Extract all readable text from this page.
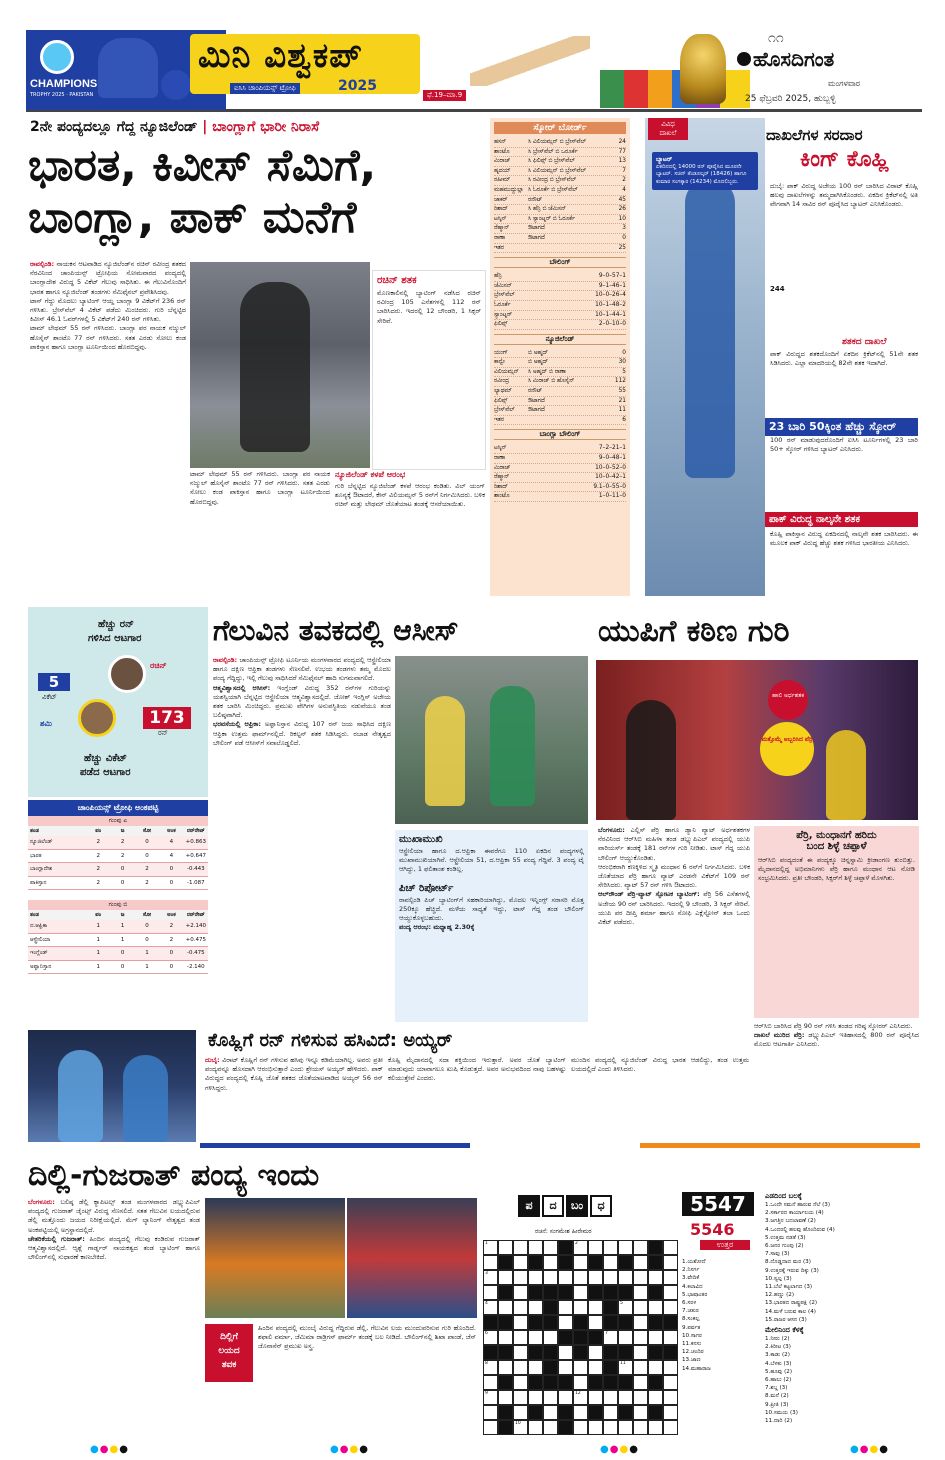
CHAMPIONS
TROPHY 2025 · PAKISTAN
ಮಿನಿ ವಿಶ್ವಕಪ್
ಐಸಿಸಿ ಚಾಂಪಿಯನ್ಸ್ ಟ್ರೋಫಿ	2025
ಫೆ.19–ಮಾ.9
೧೧
ಹೊಸದಿಗಂತ
ಮಂಗಳವಾರ
25 ಫೆಬ್ರವರಿ 2025, ಹುಬ್ಬಳ್ಳಿ
2ನೇ ಪಂದ್ಯದಲ್ಲೂ ಗೆದ್ದ ನ್ಯೂಜಿಲೆಂಡ್ | ಬಾಂಗ್ಲಾಗೆ ಭಾರೀ ನಿರಾಸೆ
ಭಾರತ, ಕಿವೀಸ್ ಸೆಮಿಗೆ,
ಬಾಂಗ್ಲಾ, ಪಾಕ್ ಮನೆಗೆ
ರಾವಲ್ಪಿಂಡಿ: ನಾಯಕನ ಆಟವಾಡಿದ ನ್ಯೂಜಿಲೆಂಡ್‌ನ ರಚಿನ್ ರವೀಂದ್ರ ಶತಕದ ನೆರವಿನಿಂದ ಚಾಂಪಿಯನ್ಸ್ ಟ್ರೋಫಿಯ ಸೋಮವಾರದ ಪಂದ್ಯದಲ್ಲಿ ಬಾಂಗ್ಲಾದೇಶ ವಿರುದ್ಧ 5 ವಿಕೆಟ್ ಗೆಲುವು ಸಾಧಿಸಿತು. ಈ ಗೆಲುವಿನೊಂದಿಗೆ ಭಾರತ ಹಾಗೂ ನ್ಯೂಜಿಲೆಂಡ್ ತಂಡಗಳು ಸೆಮಿಫೈನಲ್ ಪ್ರವೇಶಿಸಿದವು.
ಟಾಸ್ ಗೆದ್ದು ಮೊದಲು ಬ್ಯಾಟಿಂಗ್ ಆಯ್ದ ಬಾಂಗ್ಲಾ 9 ವಿಕೆಟ್‌ಗೆ 236 ರನ್ ಗಳಿಸಿತು. ಬ್ರೇಸ್‌ವೆಲ್ 4 ವಿಕೆಟ್ ಪಡೆದು ಮಿಂಚಿದರು. ಗುರಿ ಬೆನ್ನಟ್ಟಿದ ಕಿವೀಸ್ 46.1 ಓವರ್‌ಗಳಲ್ಲಿ 5 ವಿಕೆಟ್‌ಗೆ 240 ರನ್ ಗಳಿಸಿತು.
ಟಾಮ್ ಲೇಥಮ್ 55 ರನ್ ಗಳಿಸಿದರು. ಬಾಂಗ್ಲಾ ಪರ ನಾಯಕ ನಜ್ಮುಲ್ ಹೊಸೈನ್ ಶಾಂಟೊ 77 ರನ್ ಗಳಿಸಿದರು. ಸತತ ಎರಡು ಸೋಲು ಕಂಡ ಪಾಕಿಸ್ತಾನ ಹಾಗೂ ಬಾಂಗ್ಲಾ ಟೂರ್ನಿಯಿಂದ ಹೊರಬಿದ್ದವು.
ರಚಿನ್ ಶತಕ
ಮೊಣಕಾಲಿನಲ್ಲಿ ಬ್ಯಾಟಿಂಗ್ ನಡೆಸಿದ ರಚಿನ್ ರವೀಂದ್ರ 105 ಎಸೆತಗಳಲ್ಲಿ 112 ರನ್ ಬಾರಿಸಿದರು. ಇದರಲ್ಲಿ 12 ಬೌಂಡರಿ, 1 ಸಿಕ್ಸರ್ ಸೇರಿವೆ.
ಟಾಮ್ ಲೇಥಮ್ 55 ರನ್ ಗಳಿಸಿದರು. ಬಾಂಗ್ಲಾ ಪರ ನಾಯಕ ನಜ್ಮುಲ್ ಹೊಸೈನ್ ಶಾಂಟೊ 77 ರನ್ ಗಳಿಸಿದರು. ಸತತ ಎರಡು ಸೋಲು ಕಂಡ ಪಾಕಿಸ್ತಾನ ಹಾಗೂ ಬಾಂಗ್ಲಾ ಟೂರ್ನಿಯಿಂದ ಹೊರಬಿದ್ದವು.
ನ್ಯೂಜಿಲೆಂಡ್ ಕಳಪೆ ಆರಂಭ
ಗುರಿ ಬೆನ್ನಟ್ಟಿದ ನ್ಯೂಜಿಲೆಂಡ್ ಕಳಪೆ ಆರಂಭ ಕಂಡಿತು. ವಿಲ್ ಯಂಗ್ ಶೂನ್ಯಕ್ಕೆ ಔಟಾದರೆ, ಕೇನ್ ವಿಲಿಯಮ್ಸನ್ 5 ರನ್‌ಗೆ ನಿರ್ಗಮಿಸಿದರು. ಬಳಿಕ ರಚಿನ್ ಮತ್ತು ಲೇಥಮ್ ಜೊತೆಯಾಟ ತಂಡಕ್ಕೆ ಆಸರೆಯಾಯಿತು.
ಸ್ಕೋರ್ ಬೋರ್ಡ್
ಹಸನ್	ಸಿ ವಿಲಿಯಮ್ಸನ್ ಬಿ ಬ್ರೇಸ್‌ವೆಲ್	24
ಶಾಂಟೊ	ಸಿ ಬ್ರೇಸ್‌ವೆಲ್ ಬಿ ಒರೂರ್ಕೆ	77
ಮಿರಾಜ್	ಸಿ ಫಿಲಿಪ್ಸ್ ಬಿ ಬ್ರೇಸ್‌ವೆಲ್	13
ಹೃದಯ್	ಸಿ ವಿಲಿಯಮ್ಸನ್ ಬಿ ಬ್ರೇಸ್‌ವೆಲ್	7
ರಹೀಮ್	ಸಿ ರವೀಂದ್ರ ಬಿ ಬ್ರೇಸ್‌ವೆಲ್	2
ಮಹಮುದ್ದುಲ್ಲಾ ಸಿ ಓರೂರ್ಕೆ ಬಿ ಬ್ರೇಸ್‌ವೆಲ್	4
ಜಾಕರ್	ರನೌಟ್	45
ರಿಶಾದ್	ಸಿ ಹೆನ್ರಿ ಬಿ ಜೆಮಿಸನ್	26
ಟಸ್ಕಿನ್	ಸಿ ಸ್ಯಾಂಟ್ನರ್ ಬಿ ಓರೂರ್ಕೆ	10
ರೆಹ್ಮಾನ್	ಔಟಾಗದೆ	3
ರಾಣಾ	ಔಟಾಗದೆ	0
ಇತರ	25
ಬೌಲಿಂಗ್
ಹೆನ್ರಿ	9–0–57–1
ಜೆಮಿಸನ್	9–1–46–1
ಬ್ರೇಸ್‌ವೆಲ್	10–0–26–4
ಓರೂರ್ಕೆ	10–1–48–2
ಸ್ಯಾಂಟ್ನರ್	10–1–44–1
ಫಿಲಿಪ್ಸ್	2–0–10–0
ನ್ಯೂಜಿಲೆಂಡ್
ಯಂಗ್	ಬಿ ಅಹ್ಮದ್	0
ಕಾನ್ವೇ	ಬಿ ಅಹ್ಮದ್	30
ವಿಲಿಯಮ್ಸನ್	ಸಿ ಅಹ್ಮದ್ ಬಿ ರಾಣಾ	5
ರವೀಂದ್ರ	ಸಿ ಮಿರಾಜ್ ಬಿ ಹೊಸೈನ್	112
ಲ್ಯಾಥಮ್	ರನೌಟ್	55
ಫಿಲಿಪ್ಸ್	ಔಟಾಗದೆ	21
ಬ್ರೇಸ್‌ವೆಲ್	ಔಟಾಗದೆ	11
ಇತರ	6
ಬಾಂಗ್ಲಾ ಬೌಲಿಂಗ್
ಟಸ್ಕಿನ್	7–2–21–1
ರಾಣಾ	9–0–48–1
ಮಿರಾಜ್	10–0–52–0
ರೆಹ್ಮಾನ್	10–0–42–1
ರಿಶಾದ್	9.1–0–55–0
ಶಾಂಟೊ	1–0–11–0
ವಿವಿಧ
ದಾಖಲೆ
ಬ್ಯಾಟರ್
ಏಕದಿನದಲ್ಲಿ 14000 ರನ್ ಪೂರೈಸಿದ ಮೂರನೇ ಬ್ಯಾಟರ್. ಸಚಿನ್ ತೆಂಡೂಲ್ಕರ್ (18426) ಹಾಗೂ ಕುಮಾರ ಸಂಗಕ್ಕಾರ (14234) ಮೊದಲಿಬ್ಬರು.
ದಾಖಲೆಗಳ ಸರದಾರ
ಕಿಂಗ್ ಕೊಹ್ಲಿ
ದುಬೈ: ಪಾಕ್ ವಿರುದ್ಧ ಅಜೇಯ 100 ರನ್ ಬಾರಿಸಿದ ವಿರಾಟ್ ಕೊಹ್ಲಿ ಹಲವು ದಾಖಲೆಗಳನ್ನು ತಮ್ಮದಾಗಿಸಿಕೊಂಡರು. ಏಕದಿನ ಕ್ರಿಕೆಟ್‌ನಲ್ಲಿ ಅತಿ ವೇಗವಾಗಿ 14 ಸಾವಿರ ರನ್ ಪೂರೈಸಿದ ಬ್ಯಾಟರ್ ಎನಿಸಿಕೊಂಡರು.
244
ಶತಕದ ದಾಖಲೆ
ಪಾಕ್ ವಿರುದ್ಧದ ಶತಕದೊಂದಿಗೆ ಏಕದಿನ ಕ್ರಿಕೆಟ್‌ನಲ್ಲಿ 51ನೇ ಶತಕ ಸಿಡಿಸಿದರು. ಎಲ್ಲಾ ಮಾದರಿಯಲ್ಲಿ 82ನೇ ಶತಕ ಇದಾಗಿದೆ.
23 ಬಾರಿ 50ಕ್ಕಿಂತ ಹೆಚ್ಚು ಸ್ಕೋರ್
100 ರನ್ ಮಾಡುವುದರೊಂದಿಗೆ ಐಸಿಸಿ ಟೂರ್ನಿಗಳಲ್ಲಿ 23 ಬಾರಿ 50+ ಸ್ಕೋರ್ ಗಳಿಸಿದ ಬ್ಯಾಟರ್ ಎನಿಸಿದರು.
ಪಾಕ್ ವಿರುದ್ಧ ನಾಲ್ಕನೇ ಶತಕ
ಕೊಹ್ಲಿ ಪಾಕಿಸ್ತಾನ ವಿರುದ್ಧ ಏಕದಿನದಲ್ಲಿ ನಾಲ್ಕನೇ ಶತಕ ಬಾರಿಸಿದರು. ಈ ಮೂಲಕ ಪಾಕ್ ವಿರುದ್ಧ ಹೆಚ್ಚು ಶತಕ ಗಳಿಸಿದ ಭಾರತೀಯ ಎನಿಸಿದರು.
ಹೆಚ್ಚು ರನ್
ಗಳಿಸಿದ ಆಟಗಾರ
ರಚಿನ್
173
ರನ್
5
ವಿಕೆಟ್
ಶಮಿ
ಹೆಚ್ಚು ವಿಕೆಟ್
ಪಡೆದ ಆಟಗಾರ
ಚಾಂಪಿಯನ್ಸ್ ಟ್ರೋಫಿ ಅಂಕಪಟ್ಟಿ
ಗುಂಪು ಎ
ತಂಡ	ಪಂ	ಜ	ಸೋ	ಅಂಕ	ರನ್‌ರೇಟ್
ನ್ಯೂಜಿಲೆಂಡ್	2	2	0	4	+0.863
ಭಾರತ	2	2	0	4	+0.647
ಬಾಂಗ್ಲಾದೇಶ	2	0	2	0	-0.443
ಪಾಕಿಸ್ತಾನ	2	0	2	0	-1.087
ಗುಂಪು ಬಿ
ತಂಡ	ಪಂ	ಜ	ಸೋ	ಅಂಕ	ರನ್‌ರೇಟ್
ದ.ಆಫ್ರಿಕಾ	1	1	0	2	+2.140
ಆಸ್ಟ್ರೇಲಿಯಾ	1	1	0	2	+0.475
ಇಂಗ್ಲೆಂಡ್	1	0	1	0	-0.475
ಅಫ್ಘಾನಿಸ್ತಾನ	1	0	1	0	-2.140
ಗೆಲುವಿನ ತವಕದಲ್ಲಿ ಆಸೀಸ್
ರಾವಲ್ಪಿಂಡಿ: ಚಾಂಪಿಯನ್ಸ್ ಟ್ರೋಫಿ ಟೂರ್ನಿಯ ಮಂಗಳವಾರದ ಪಂದ್ಯದಲ್ಲಿ ಆಸ್ಟ್ರೇಲಿಯಾ ಹಾಗೂ ದಕ್ಷಿಣ ಆಫ್ರಿಕಾ ತಂಡಗಳು ಸೆಣಸಲಿವೆ. ಉಭಯ ತಂಡಗಳು ತಮ್ಮ ಮೊದಲ ಪಂದ್ಯ ಗೆದ್ದಿದ್ದು, ಇಲ್ಲಿ ಗೆಲುವು ಸಾಧಿಸಿದರೆ ಸೆಮಿಫೈನಲ್ ಹಾದಿ ಸುಗಮವಾಗಲಿದೆ.
ಆತ್ಮವಿಶ್ವಾಸದಲ್ಲಿ ಆಸೀಸ್: ಇಂಗ್ಲೆಂಡ್ ವಿರುದ್ಧ 352 ರನ್‌ಗಳ ಗುರಿಯನ್ನು ಯಶಸ್ವಿಯಾಗಿ ಬೆನ್ನಟ್ಟಿದ ಆಸ್ಟ್ರೇಲಿಯಾ ಆತ್ಮವಿಶ್ವಾಸದಲ್ಲಿದೆ. ಜೋಶ್ ಇಂಗ್ಲಿಸ್ ಅಜೇಯ ಶತಕ ಬಾರಿಸಿ ಮಿಂಚಿದ್ದರು. ಪ್ರಮುಖ ವೇಗಿಗಳ ಅನುಪಸ್ಥಿತಿಯ ನಡುವೆಯೂ ತಂಡ ಬಲಿಷ್ಠವಾಗಿದೆ.
ಭರವಸೆಯಲ್ಲಿ ಆಫ್ರಿಕಾ: ಅಫ್ಘಾನಿಸ್ತಾನ ವಿರುದ್ಧ 107 ರನ್ ಜಯ ಸಾಧಿಸಿದ ದಕ್ಷಿಣ ಆಫ್ರಿಕಾ ಉತ್ತಮ ಫಾರ್ಮ್‌ನಲ್ಲಿದೆ. ರಿಕಲ್ಟನ್ ಶತಕ ಸಿಡಿಸಿದ್ದರು. ರಬಾಡ ನೇತೃತ್ವದ ಬೌಲಿಂಗ್ ಪಡೆ ಆಸೀಸ್‌ಗೆ ಸವಾಲೊಡ್ಡಲಿದೆ.
ಮುಖಾಮುಖಿ
ಆಸ್ಟ್ರೇಲಿಯಾ ಹಾಗೂ ದ.ಆಫ್ರಿಕಾ ಈವರೆಗೂ 110 ಏಕದಿನ ಪಂದ್ಯಗಳಲ್ಲಿ ಮುಖಾಮುಖಿಯಾಗಿವೆ. ಆಸ್ಟ್ರೇಲಿಯಾ 51, ದ.ಆಫ್ರಿಕಾ 55 ಪಂದ್ಯ ಗೆದ್ದಿವೆ. 3 ಪಂದ್ಯ ಟೈ ಆಗಿದ್ದು, 1 ಫಲಿತಾಂಶ ಕಂಡಿಲ್ಲ.
ಪಿಚ್ ರಿಪೋರ್ಟ್
ರಾವಲ್ಪಿಂಡಿ ಪಿಚ್ ಬ್ಯಾಟಿಂಗ್‌ಗೆ ಸಹಕಾರಿಯಾಗಿದ್ದು, ಮೊದಲ ಇನ್ನಿಂಗ್ಸ್ ಸರಾಸರಿ ಮೊತ್ತ 250ಕ್ಕೂ ಹೆಚ್ಚಿದೆ. ಮಳೆಯ ಸಾಧ್ಯತೆ ಇದ್ದು, ಟಾಸ್ ಗೆದ್ದ ತಂಡ ಬೌಲಿಂಗ್ ಆಯ್ದುಕೊಳ್ಳಬಹುದು.
ಪಂದ್ಯ ಆರಂಭ: ಮಧ್ಯಾಹ್ನ 2.30ಕ್ಕೆ
ಯುಪಿಗೆ ಕಠಿಣ ಗುರಿ
ಹಾಲಿ ಅರ್ಧಶತಕ
ಮತ್ತೊಮ್ಮೆ ಅಬ್ಬರಿಸಿದ ಪೆರ್ರಿ
ಬೆಂಗಳೂರು: ಎಲ್ಲಿಸ್ ಪೆರ್ರಿ ಹಾಗೂ ಡ್ಯಾನಿ ವ್ಯಾಟ್ ಅರ್ಧಶತಕಗಳ ನೆರವಿನಿಂದ ಆರ್‌ಸಿಬಿ ಮಹಿಳಾ ತಂಡ ಡಬ್ಲ್ಯುಪಿಎಲ್ ಪಂದ್ಯದಲ್ಲಿ ಯುಪಿ ವಾರಿಯರ್ಸ್ ತಂಡಕ್ಕೆ 181 ರನ್‌ಗಳ ಗುರಿ ನೀಡಿತು. ಟಾಸ್ ಗೆದ್ದ ಯುಪಿ ಬೌಲಿಂಗ್ ಆಯ್ದುಕೊಂಡಿತು.
ಆರಂಭಿಕರಾಗಿ ಕಣಕ್ಕಿಳಿದ ಸ್ಮೃತಿ ಮಂಧಾನ 6 ರನ್‌ಗೆ ನಿರ್ಗಮಿಸಿದರು. ಬಳಿಕ ಜೊತೆಯಾದ ಪೆರ್ರಿ ಹಾಗೂ ವ್ಯಾಟ್ ಎರಡನೇ ವಿಕೆಟ್‌ಗೆ 109 ರನ್ ಸೇರಿಸಿದರು. ವ್ಯಾಟ್ 57 ರನ್ ಗಳಿಸಿ ಔಟಾದರು.
ಆಲ್‌ರೌಂಡ್ ಪೆರ್ರಿ-ವ್ಯಾಟ್ ಸ್ಫೋಟಕ ಬ್ಯಾಟಿಂಗ್: ಪೆರ್ರಿ 56 ಎಸೆತಗಳಲ್ಲಿ ಅಜೇಯ 90 ರನ್ ಬಾರಿಸಿದರು. ಇದರಲ್ಲಿ 9 ಬೌಂಡರಿ, 3 ಸಿಕ್ಸರ್ ಸೇರಿವೆ. ಯುಪಿ ಪರ ದೀಪ್ತಿ ಶರ್ಮಾ ಹಾಗೂ ಸೋಫಿ ಎಕ್ಲೆಸ್ಟೋನ್ ತಲಾ ಒಂದು ವಿಕೆಟ್ ಪಡೆದರು.
ಪೆರ್ರಿ, ಮಂಧಾನಗೆ ಹರಿದು
ಬಂದ ಶಿಳ್ಳೆ ಚಪ್ಪಾಳೆ
ಆರ್‌ಸಿಬಿ ಪಂದ್ಯದಂತೆ ಈ ಪಂದ್ಯಕ್ಕೂ ಚಿನ್ನಸ್ವಾಮಿ ಕ್ರೀಡಾಂಗಣ ತುಂಬಿತ್ತು. ಮೈದಾನದಲ್ಲಿದ್ದ ಅಭಿಮಾನಿಗಳು ಪೆರ್ರಿ ಹಾಗೂ ಮಂಧಾನ ಆಟ ನೋಡಿ ಸಂಭ್ರಮಿಸಿದರು. ಪ್ರತೀ ಬೌಂಡರಿ, ಸಿಕ್ಸರ್‌ಗೆ ಶಿಳ್ಳೆ ಚಪ್ಪಾಳೆ ಮೊಳಗಿತು.
ಆರ್‌ಸಿಬಿ ಬಾರಿಸಿದ ಪೆರ್ರಿ 90 ರನ್ ಗಳಿಸಿ ತಂಡದ ಗರಿಷ್ಠ ಸ್ಕೋರರ್ ಎನಿಸಿದರು.
ದಾಖಲೆ ಮುರಿದ ಪೆರ್ರಿ: ಡಬ್ಲ್ಯುಪಿಎಲ್ ಇತಿಹಾಸದಲ್ಲಿ 800 ರನ್ ಪೂರೈಸಿದ ಮೊದಲ ಆಟಗಾರ್ತಿ ಎನಿಸಿದರು.
ಕೊಹ್ಲಿಗೆ ರನ್ ಗಳಿಸುವ ಹಸಿವಿದೆ: ಅಯ್ಯರ್
ದುಬೈ: ವಿರಾಟ್ ಕೊಹ್ಲಿಗೆ ರನ್ ಗಳಿಸುವ ಹಸಿವು ಇನ್ನೂ ಕಡಿಮೆಯಾಗಿಲ್ಲ. ಅವರು ಪ್ರತೀ ಪಂದ್ಯವನ್ನೂ ಹೊಸದಾಗಿ ಆರಂಭಿಸುತ್ತಾರೆ ಎಂದು ಶ್ರೇಯಸ್ ಅಯ್ಯರ್ ಹೇಳಿದರು. ಪಾಕ್ ವಿರುದ್ಧದ ಪಂದ್ಯದಲ್ಲಿ ಕೊಹ್ಲಿ ಜೊತೆ ಶತಕದ ಜೊತೆಯಾಟವಾಡಿದ ಅಯ್ಯರ್ 56 ರನ್ ಗಳಿಸಿದ್ದರು.
ಕೊಹ್ಲಿ ಮೈದಾನದಲ್ಲಿ ಸದಾ ಶಕ್ತಿಯಿಂದ ಇರುತ್ತಾರೆ. ಅವರ ಜೊತೆ ಬ್ಯಾಟಿಂಗ್ ಮಾಡುವುದು ಯಾವಾಗಲೂ ಖುಷಿ ಕೊಡುತ್ತದೆ. ಅವರ ಅನುಭವದಿಂದ ನಾವು ಬಹಳಷ್ಟು ಕಲಿಯುತ್ತೇವೆ ಎಂದರು.
ಮುಂದಿನ ಪಂದ್ಯದಲ್ಲಿ ನ್ಯೂಜಿಲೆಂಡ್ ವಿರುದ್ಧ ಭಾರತ ಆಡಲಿದ್ದು, ತಂಡ ಉತ್ತಮ ಲಯದಲ್ಲಿದೆ ಎಂದು ತಿಳಿಸಿದರು.
ದಿಲ್ಲಿ-ಗುಜರಾತ್ ಪಂದ್ಯ ಇಂದು
ಬೆಂಗಳೂರು: ಬಲಿಷ್ಠ ಡೆಲ್ಲಿ ಕ್ಯಾಪಿಟಲ್ಸ್ ತಂಡ ಮಂಗಳವಾರದ ಡಬ್ಲ್ಯುಪಿಎಲ್ ಪಂದ್ಯದಲ್ಲಿ ಗುಜರಾತ್ ಜೈಂಟ್ಸ್ ವಿರುದ್ಧ ಸೆಣಸಲಿದೆ. ಸತತ ಗೆಲುವಿನ ಲಯದಲ್ಲಿರುವ ಡೆಲ್ಲಿ ಮತ್ತೊಂದು ಜಯದ ನಿರೀಕ್ಷೆಯಲ್ಲಿದೆ. ಮೆಗ್ ಲ್ಯಾನಿಂಗ್ ನೇತೃತ್ವದ ತಂಡ ಅಂಕಪಟ್ಟಿಯಲ್ಲಿ ಅಗ್ರಸ್ಥಾನದಲ್ಲಿದೆ.
ಚೇತರಿಕೆಯಲ್ಲಿ ಗುಜರಾತ್: ಹಿಂದಿನ ಪಂದ್ಯದಲ್ಲಿ ಗೆಲುವು ಕಂಡಿರುವ ಗುಜರಾತ್ ಆತ್ಮವಿಶ್ವಾಸದಲ್ಲಿದೆ. ಆ್ಯಶ್ಲೆ ಗಾರ್ಡ್ನರ್ ನಾಯಕತ್ವದ ತಂಡ ಬ್ಯಾಟಿಂಗ್ ಹಾಗೂ ಬೌಲಿಂಗ್‌ನಲ್ಲಿ ಸುಧಾರಣೆ ಕಾಣಬೇಕಿದೆ.
ದಿಲ್ಲಿಗೆ
ಲಯದ
ತವಕ
ಹಿಂದಿನ ಪಂದ್ಯದಲ್ಲಿ ಮುಂಬೈ ವಿರುದ್ಧ ಗೆದ್ದಿರುವ ಡೆಲ್ಲಿ, ಗೆಲುವಿನ ಲಯ ಮುಂದುವರಿಸುವ ಗುರಿ ಹೊಂದಿದೆ. ಶಫಾಲಿ ವರ್ಮಾ, ಜೆಮಿಮಾ ರಾಡ್ರಿಗಸ್ ಫಾರ್ಮ್ ತಂಡಕ್ಕೆ ಬಲ ನೀಡಿದೆ. ಬೌಲಿಂಗ್‌ನಲ್ಲಿ ಶಿಖಾ ಪಾಂಡೆ, ಜೆಸ್ ಜೊನಾಸೆನ್ ಪ್ರಮುಖ ಅಸ್ತ್ರ.
ಪ	ದ	ಬಂ	ಧ
ರಚನೆ: ಸಂಗಮೇಶ ಹೀರೇಮಠ
1	2
3
4	5
6	7
8	11
9	12
10
5547
5546
ಉತ್ತರ
1.ಯಶೋದೆ
2.ನಿಸರ್ಗ
3.ವೇದಿಕೆ
4.ಕಲಾವಿದ
5.ಭಾಷಾಂತರ
6.ಸರಳ
7.ಚತುರ
8.ಸಂಕಲ್ಪ
9.ಪರ್ವತ
10.ಸಾಗರ
11.ಕನಸು
12.ಚಂದಿರ
13.ಜಾಣ
14.ಮಹಾರಾಜ
ಎಡದಿಂದ ಬಲಕ್ಕೆ
1.ಒಂದೇ ಸಮನೆ ಹಾರುವ ನೆಲೆ (3)
2.ಸರ್ಕಾರದ ಕಾರ್ಯಾಲಯ (4)
3.ಜಗತ್ತಿನ ಬದಲಾವಣೆ (2)
4.ಒಂದರಲ್ಲಿ ಹಲವು ಹೊಂದಿರುವ (4)
5.ಉತ್ತಮ ನಡತೆ (3)
6.ಜನರ ಗುಂಪು (2)
7.ಸಾವು (3)
8.ದೊಡ್ಡದಾದ ಮರ (3)
9.ಉತ್ತರಕ್ಕೆ ಇರುವ ದಿಕ್ಕು (3)
10.ಸ್ವಲ್ಪ (3)
11.ಬೆಲೆ ಕಟ್ಟಲಾಗದ (3)
12.ಹಣ್ಣು (2)
13.ಭಾರತದ ರಾಷ್ಟ್ರಪಕ್ಷಿ (2)
14.ಮಳೆ ಬರುವ ಕಾಲ (4)
15.ರಾಜರ ಆಸನ (3)
ಮೇಲಿನಿಂದ ಕೆಳಕ್ಕೆ
1.ನೀರು (2)
2.ಕಿರೀಟ (3)
3.ಕಾಡು (2)
4.ಬೆಳಕು (3)
5.ಹೂವು (2)
6.ಹಾಲು (2)
7.ಶಬ್ದ (3)
8.ಮನೆ (2)
9.ಪ್ರೀತಿ (3)
10.ಸಮಯ (3)
11.ದಾರಿ (2)
●●●●	●●●●	●●●●	●●●●
